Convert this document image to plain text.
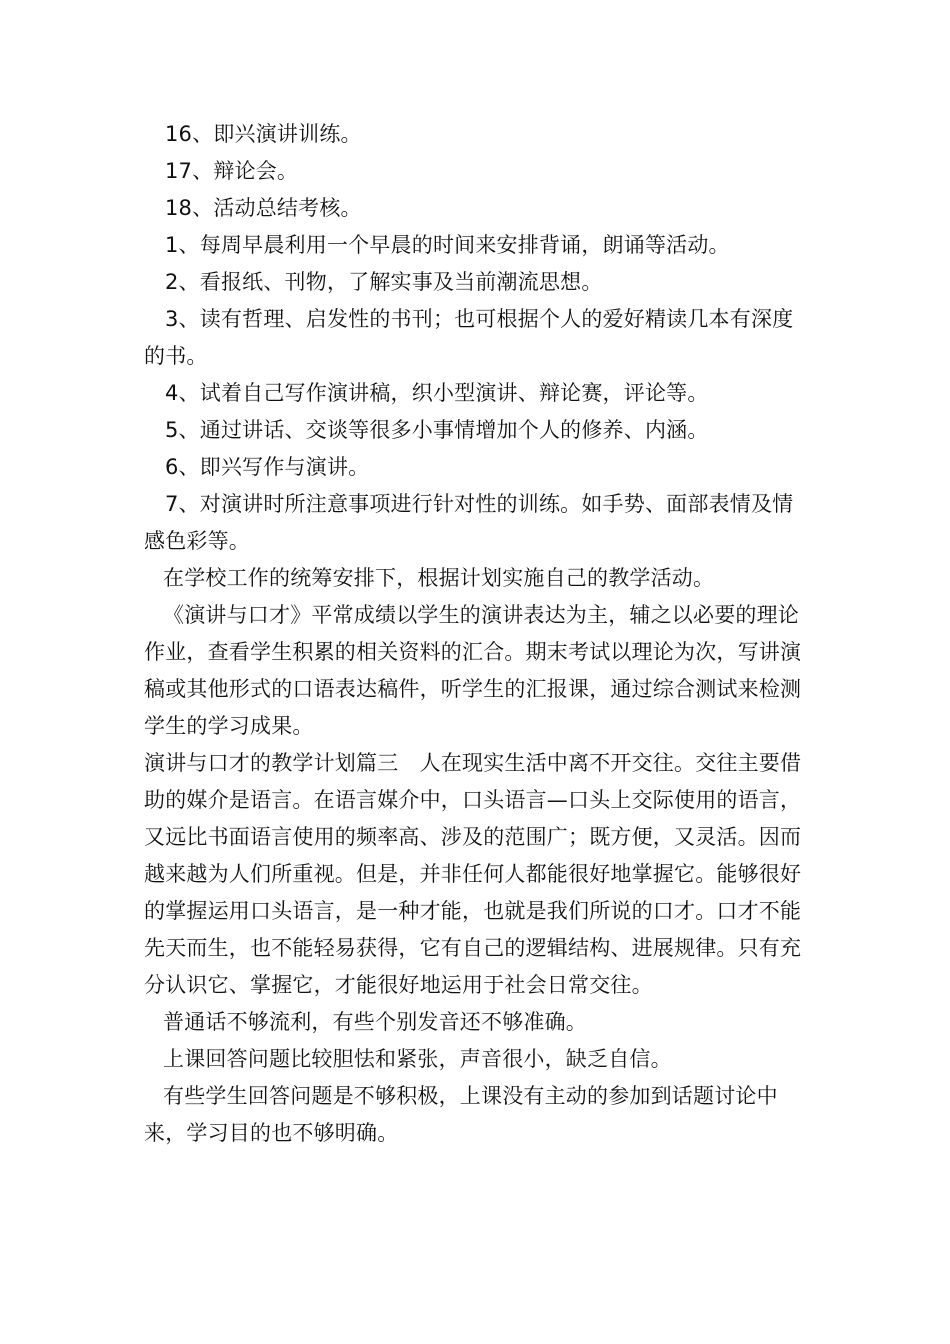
16、即兴演讲训练。

17、辩论会。

18、活动总结考核。

1、每周早晨利用一个早晨的时间来安排背诵，朗诵等活动。

2、看报纸、刊物，了解实事及当前潮流思想。

3、读有哲理、启发性的书刊；也可根据个人的爱好精读几本有深度的书。

4、试着自己写作演讲稿，织小型演讲、辩论赛，评论等。

5、通过讲话、交谈等很多小事情增加个人的修养、内涵。

6、即兴写作与演讲。

7、对演讲时所注意事项进行针对性的训练。如手势、面部表情及情感色彩等。

在学校工作的统筹安排下，根据计划实施自己的教学活动。

《演讲与口才》平常成绩以学生的演讲表达为主，辅之以必要的理论作业，查看学生积累的相关资料的汇合。期末考试以理论为次，写讲演稿或其他形式的口语表达稿件，听学生的汇报课，通过综合测试来检测学生的学习成果。

演讲与口才的教学计划篇三　人在现实生活中离不开交往。交往主要借助的媒介是语言。在语言媒介中，口头语言—口头上交际使用的语言，又远比书面语言使用的频率高、涉及的范围广；既方便，又灵活。因而越来越为人们所重视。但是，并非任何人都能很好地掌握它。能够很好的掌握运用口头语言，是一种才能，也就是我们所说的口才。口才不能先天而生，也不能轻易获得，它有自己的逻辑结构、进展规律。只有充分认识它、掌握它，才能很好地运用于社会日常交往。

普通话不够流利，有些个别发音还不够准确。

上课回答问题比较胆怯和紧张，声音很小，缺乏自信。

有些学生回答问题是不够积极，上课没有主动的参加到话题讨论中来，学习目的也不够明确。
